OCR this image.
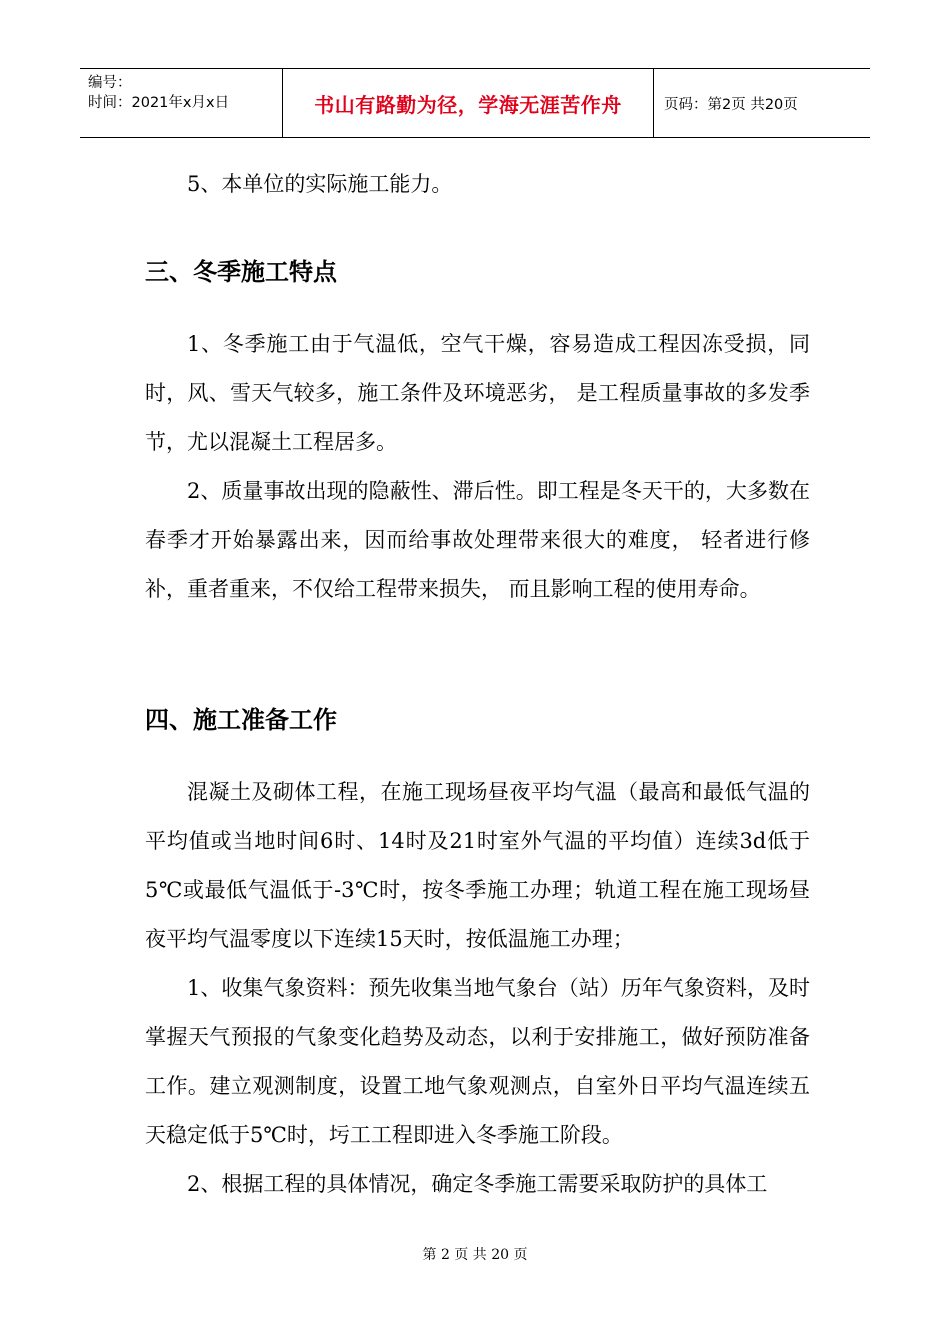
编号：
时间：2021年x月x日	书山有路勤为径，学海无涯苦作舟	页码：第2页 共20页

5、本单位的实际施工能力。

三、冬季施工特点

1、冬季施工由于气温低，空气干燥，容易造成工程因冻受损，同时，风、雪天气较多，施工条件及环境恶劣， 是工程质量事故的多发季节，尤以混凝土工程居多。

2、质量事故出现的隐蔽性、滞后性。即工程是冬天干的，大多数在春季才开始暴露出来，因而给事故处理带来很大的难度， 轻者进行修补，重者重来，不仅给工程带来损失， 而且影响工程的使用寿命。

四、施工准备工作

混凝土及砌体工程，在施工现场昼夜平均气温（最高和最低气温的平均值或当地时间6时、14时及21时室外气温的平均值）连续3d低于5℃或最低气温低于-3℃时，按冬季施工办理；轨道工程在施工现场昼夜平均气温零度以下连续15天时，按低温施工办理；

1、收集气象资料：预先收集当地气象台（站）历年气象资料，及时掌握天气预报的气象变化趋势及动态，以利于安排施工，做好预防准备工作。建立观测制度，设置工地气象观测点，自室外日平均气温连续五天稳定低于5℃时，圬工工程即进入冬季施工阶段。

2、根据工程的具体情况，确定冬季施工需要采取防护的具体工

第 2 页 共 20 页
